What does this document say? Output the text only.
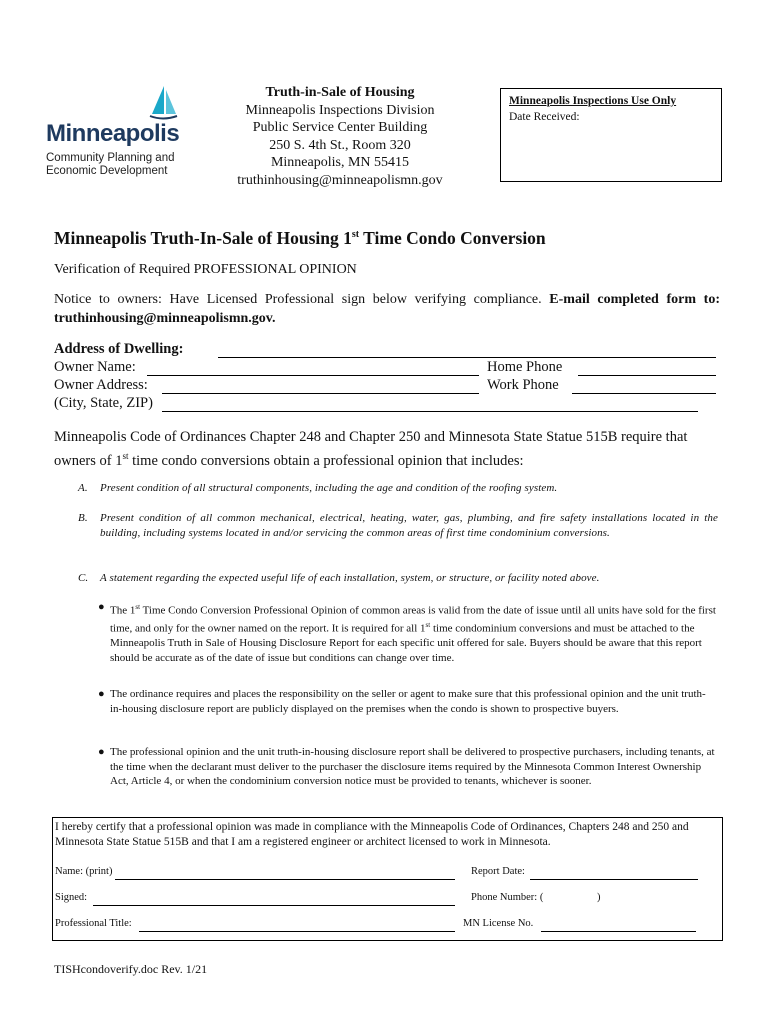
Minneapolis
Community Planning and
Economic Development
Truth-in-Sale of Housing
Minneapolis Inspections Division
Public Service Center Building
250 S. 4th St., Room 320
Minneapolis, MN 55415
truthinhousing@minneapolismn.gov
Minneapolis Inspections Use Only
Date Received:
Minneapolis Truth-In-Sale of Housing 1st Time Condo Conversion
Verification of Required PROFESSIONAL OPINION
Notice to owners: Have Licensed Professional sign below verifying compliance. E-mail completed form to: truthinhousing@minneapolismn.gov.
Address of Dwelling:
Owner Name:	Home Phone
Owner Address:	Work Phone
(City, State, ZIP)
Minneapolis Code of Ordinances Chapter 248 and Chapter 250 and Minnesota State Statue 515B require that owners of 1st time condo conversions obtain a professional opinion that includes:
A. Present condition of all structural components, including the age and condition of the roofing system.
B. Present condition of all common mechanical, electrical, heating, water, gas, plumbing, and fire safety installations located in the building, including systems located in and/or servicing the common areas of first time condominium conversions.
C. A statement regarding the expected useful life of each installation, system, or structure, or facility noted above.
● The 1st Time Condo Conversion Professional Opinion of common areas is valid from the date of issue until all units have sold for the first time, and only for the owner named on the report. It is required for all 1st time condominium conversions and must be attached to the Minneapolis Truth in Sale of Housing Disclosure Report for each specific unit offered for sale. Buyers should be aware that this report should be accurate as of the date of issue but conditions can change over time.
● The ordinance requires and places the responsibility on the seller or agent to make sure that this professional opinion and the unit truth-in-housing disclosure report are publicly displayed on the premises when the condo is shown to prospective buyers.
● The professional opinion and the unit truth-in-housing disclosure report shall be delivered to prospective purchasers, including tenants, at the time when the declarant must deliver to the purchaser the disclosure items required by the Minnesota Common Interest Ownership Act, Article 4, or when the condominium conversion notice must be provided to tenants, whichever is sooner.
I hereby certify that a professional opinion was made in compliance with the Minneapolis Code of Ordinances, Chapters 248 and 250 and Minnesota State Statue 515B and that I am a registered engineer or architect licensed to work in Minnesota.
Name: (print)	Report Date:
Signed:	Phone Number: (	)
Professional Title:	MN License No.
TISHcondoverify.doc Rev. 1/21
